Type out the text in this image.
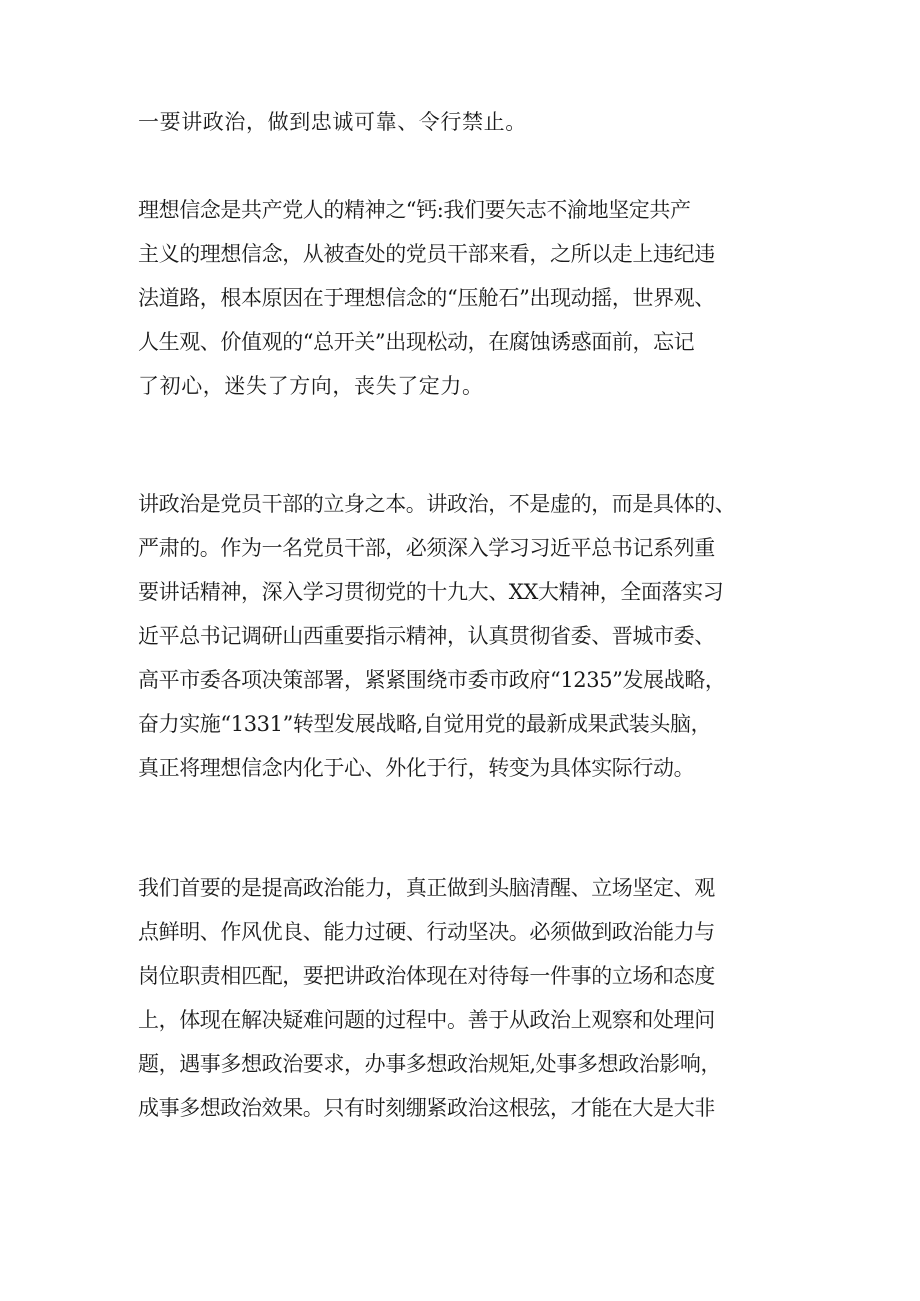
一要讲政治，做到忠诚可靠、令行禁止。

理想信念是共产党人的精神之“钙:我们要矢志不渝地坚定共产
主义的理想信念，从被查处的党员干部来看，之所以走上违纪违
法道路，根本原因在于理想信念的“压舱石”出现动摇，世界观、
人生观、价值观的“总开关”出现松动，在腐蚀诱惑面前，忘记
了初心，迷失了方向，丧失了定力。

讲政治是党员干部的立身之本。讲政治，不是虚的，而是具体的、
严肃的。作为一名党员干部，必须深入学习习近平总书记系列重
要讲话精神，深入学习贯彻党的十九大、XX大精神，全面落实习
近平总书记调研山西重要指示精神，认真贯彻省委、晋城市委、
高平市委各项决策部署，紧紧围绕市委市政府“1235”发展战略，
奋力实施“1331”转型发展战略,自觉用党的最新成果武装头脑，
真正将理想信念内化于心、外化于行，转变为具体实际行动。

我们首要的是提高政治能力，真正做到头脑清醒、立场坚定、观
点鲜明、作风优良、能力过硬、行动坚决。必须做到政治能力与
岗位职责相匹配，要把讲政治体现在对待每一件事的立场和态度
上，体现在解决疑难问题的过程中。善于从政治上观察和处理问
题，遇事多想政治要求，办事多想政治规矩,处事多想政治影响，
成事多想政治效果。只有时刻绷紧政治这根弦，才能在大是大非
